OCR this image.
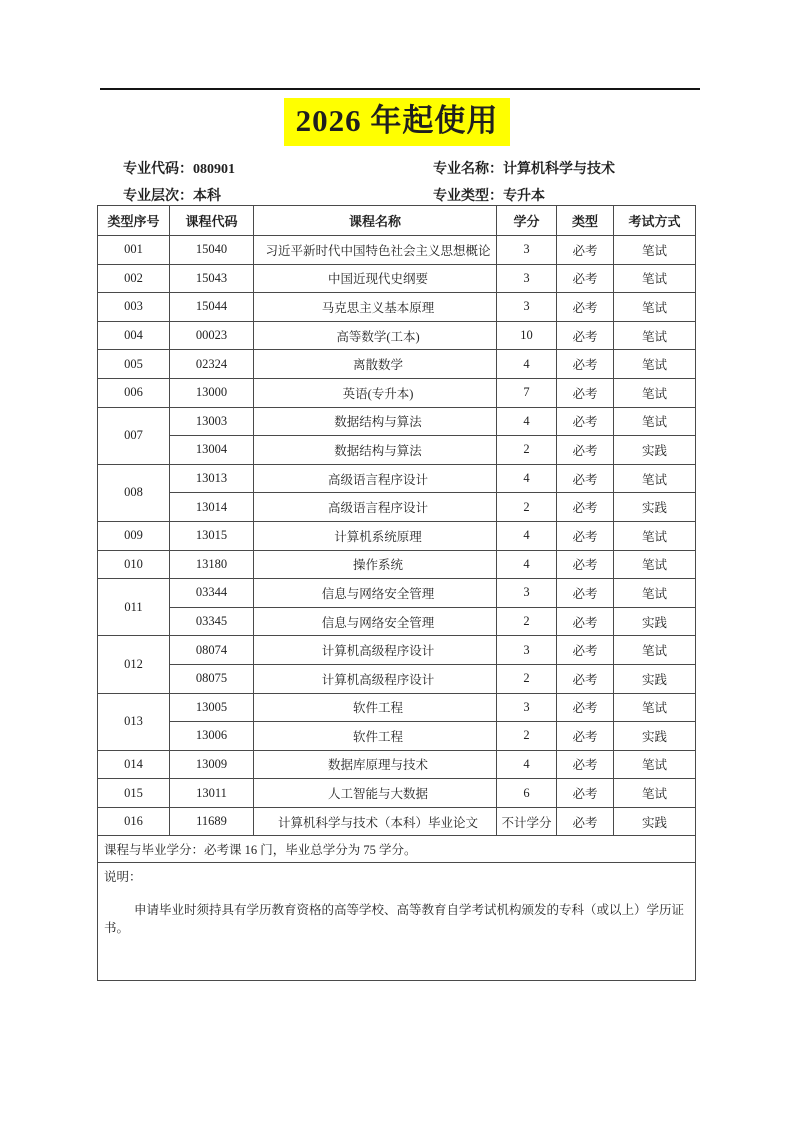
2026 年起使用
专业代码：080901	专业名称：计算机科学与技术
专业层次：本科	专业类型：专升本
类型序号	课程代码	课程名称	学分	类型	考试方式
001	15040	习近平新时代中国特色社会主义思想概论	3	必考	笔试
002	15043	中国近现代史纲要	3	必考	笔试
003	15044	马克思主义基本原理	3	必考	笔试
004	00023	高等数学(工本)	10	必考	笔试
005	02324	离散数学	4	必考	笔试
006	13000	英语(专升本)	7	必考	笔试
007	13003	数据结构与算法	4	必考	笔试
	13004	数据结构与算法	2	必考	实践
008	13013	高级语言程序设计	4	必考	笔试
	13014	高级语言程序设计	2	必考	实践
009	13015	计算机系统原理	4	必考	笔试
010	13180	操作系统	4	必考	笔试
011	03344	信息与网络安全管理	3	必考	笔试
	03345	信息与网络安全管理	2	必考	实践
012	08074	计算机高级程序设计	3	必考	笔试
	08075	计算机高级程序设计	2	必考	实践
013	13005	软件工程	3	必考	笔试
	13006	软件工程	2	必考	实践
014	13009	数据库原理与技术	4	必考	笔试
015	13011	人工智能与大数据	6	必考	笔试
016	11689	计算机科学与技术（本科）毕业论文	不计学分	必考	实践
课程与毕业学分：必考课 16 门，毕业总学分为 75 学分。					

说明：
申请毕业时须持具有学历教育资格的高等学校、高等教育自学考试机构颁发的专科（或以上）学历证书。					
